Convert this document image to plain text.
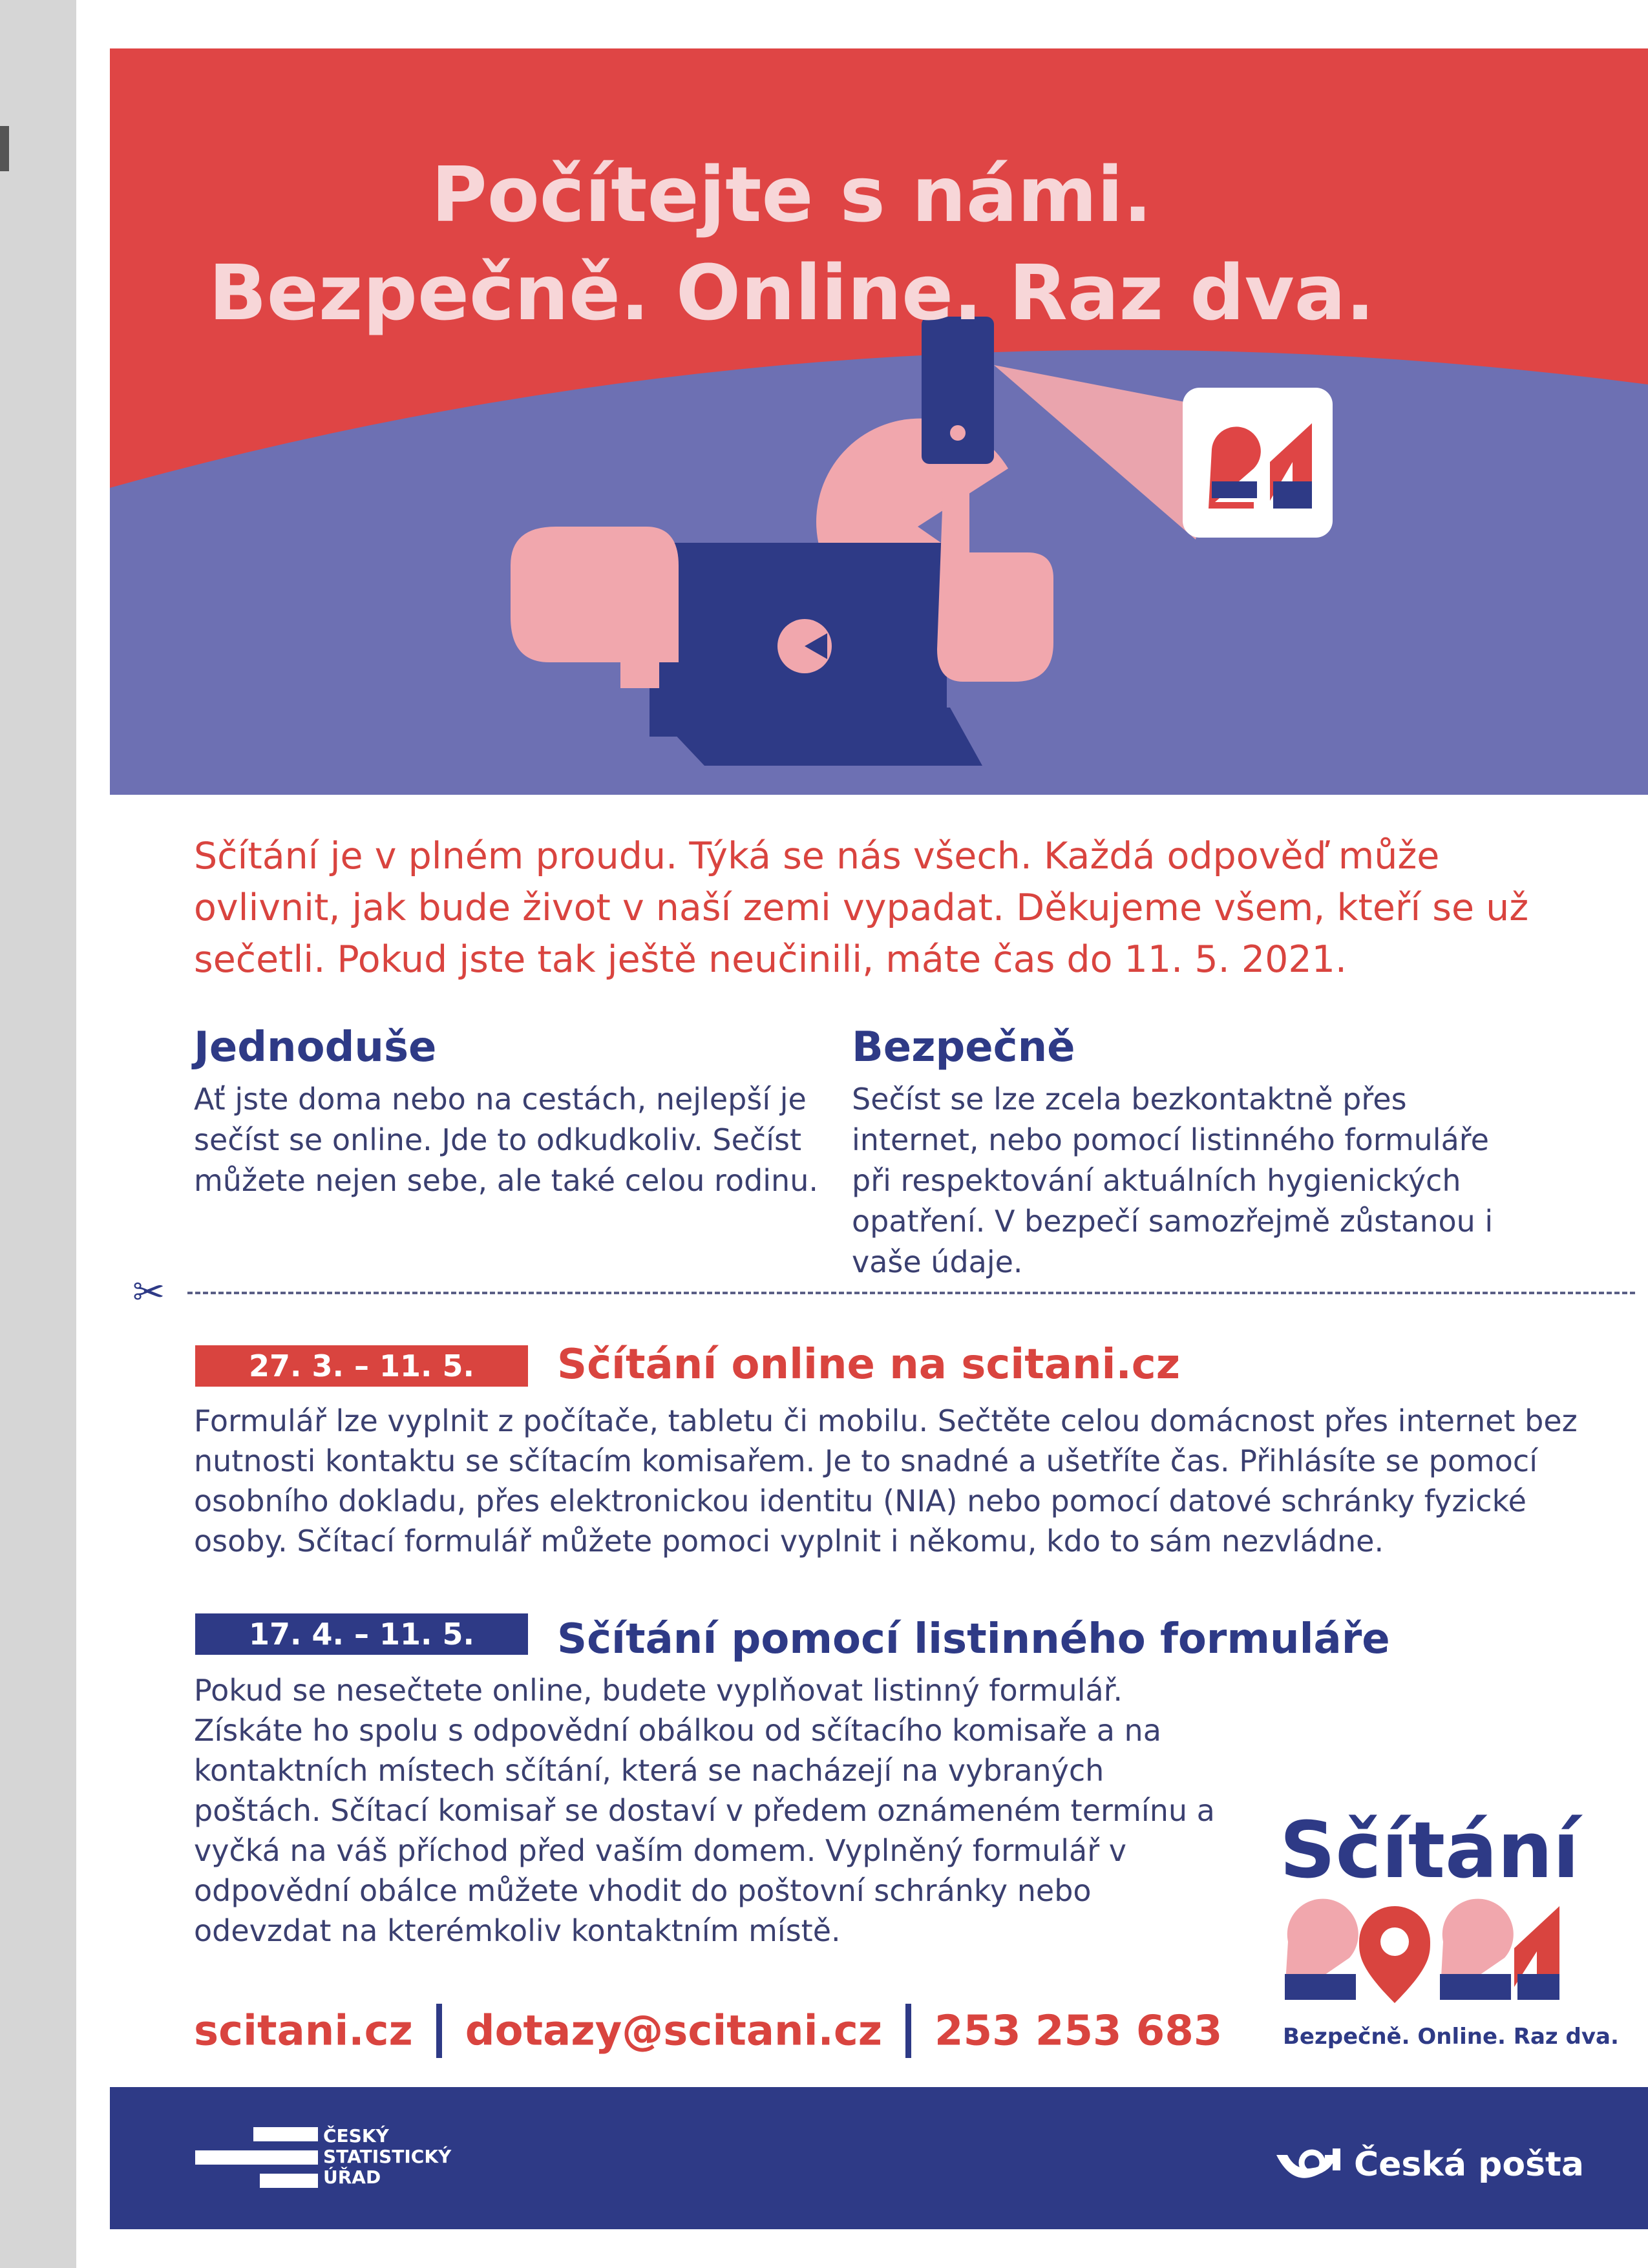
Počítejte s námi.
Bezpečně. Online. Raz dva.
Sčítání je v plném proudu. Týká se nás všech. Každá odpověď může ovlivnit, jak bude život v naší zemi vypadat. Děkujeme všem, kteří se už sečetli. Pokud jste tak ještě neučinili, máte čas do 11. 5. 2021.
Jednoduše

Ať jste doma nebo na cestách, nejlepší je sečíst se online. Jde to odkudkoliv. Sečíst můžete nejen sebe, ale také celou rodinu.

Bezpečně

Sečíst se lze zcela bezkontaktně přes internet, nebo pomocí listinného formuláře při respektování aktuálních hygienických opatření. V bezpečí samozřejmě zůstanou i vaše údaje.

✂
27. 3. – 11. 5.	Sčítání online na scitani.cz
Formulář lze vyplnit z počítače, tabletu či mobilu. Sečtěte celou domácnost přes internet bez nutnosti kontaktu se sčítacím komisařem. Je to snadné a ušetříte čas. Přihlásíte se pomocí osobního dokladu, přes elektronickou identitu (NIA) nebo pomocí datové schránky fyzické osoby. Sčítací formulář můžete pomoci vyplnit i někomu, kdo to sám nezvládne.
17. 4. – 11. 5.	Sčítání pomocí listinného formuláře
Pokud se nesečtete online, budete vyplňovat listinný formulář. Získáte ho spolu s odpovědní obálkou od sčítacího komisaře a na kontaktních místech sčítání, která se nacházejí na vybraných poštách. Sčítací komisař se dostaví v předem oznámeném termínu a vyčká na váš příchod před vaším domem. Vyplněný formulář v odpovědní obálce můžete vhodit do poštovní schránky nebo odevzdat na kterémkoliv kontaktním místě.
scitani.cz dotazy@scitani.cz 253 253 683
Sčítání
Bezpečně. Online. Raz dva.
ČESKÝ
STATISTICKÝ
ÚŘAD	Česká pošta
